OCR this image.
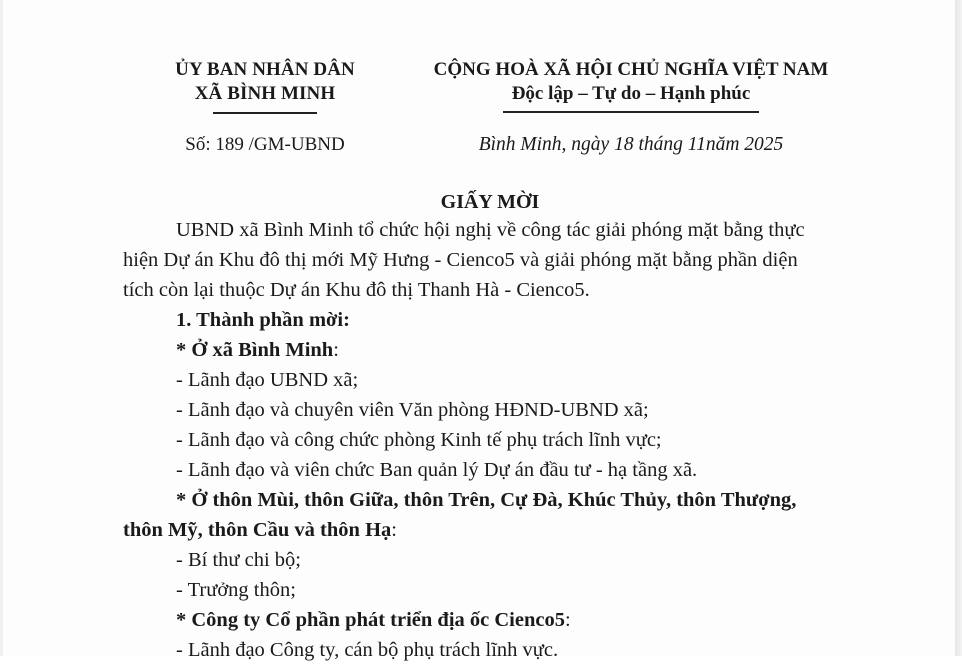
ỦY BAN NHÂN DÂN
XÃ BÌNH MINH
Số: 189 /GM-UBND
CỘNG HOÀ XÃ HỘI CHỦ NGHĨA VIỆT NAM
Độc lập – Tự do – Hạnh phúc
Bình Minh, ngày 18 tháng 11năm 2025
GIẤY MỜI

UBND xã Bình Minh tổ chức hội nghị về công tác giải phóng mặt bằng thực

hiện Dự án Khu đô thị mới Mỹ Hưng - Cienco5 và giải phóng mặt bằng phần diện

tích còn lại thuộc Dự án Khu đô thị Thanh Hà - Cienco5.

1. Thành phần mời:

* Ở xã Bình Minh:

- Lãnh đạo UBND xã;

- Lãnh đạo và chuyên viên Văn phòng HĐND-UBND xã;

- Lãnh đạo và công chức phòng Kinh tế phụ trách lĩnh vực;

- Lãnh đạo và viên chức Ban quản lý Dự án đầu tư - hạ tầng xã.

* Ở thôn Mùi, thôn Giữa, thôn Trên, Cự Đà, Khúc Thủy, thôn Thượng,

thôn Mỹ, thôn Cầu và thôn Hạ:

- Bí thư chi bộ;

- Trưởng thôn;

* Công ty Cổ phần phát triển địa ốc Cienco5:

- Lãnh đạo Công ty, cán bộ phụ trách lĩnh vực.
